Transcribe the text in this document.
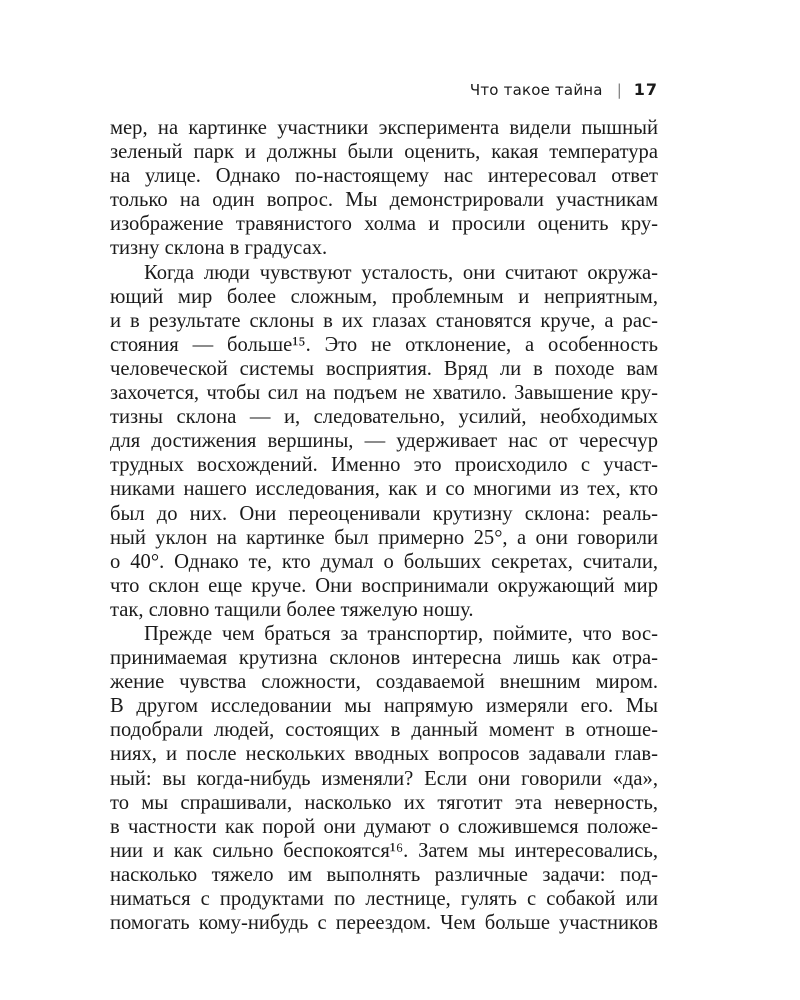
Что такое тайна | 17
мер, на картинке участники эксперимента видели пышный
зеленый парк и должны были оценить, какая температура
на улице. Однако по-настоящему нас интересовал ответ
только на один вопрос. Мы демонстрировали участникам
изображение травянистого холма и просили оценить кру-
тизну склона в градусах.
Когда люди чувствуют усталость, они считают окружа-
ющий мир более сложным, проблемным и неприятным,
и в результате склоны в их глазах становятся круче, а рас-
стояния — больше¹⁵. Это не отклонение, а особенность
человеческой системы восприятия. Вряд ли в походе вам
захочется, чтобы сил на подъем не хватило. Завышение кру-
тизны склона — и, следовательно, усилий, необходимых
для достижения вершины, — удерживает нас от чересчур
трудных восхождений. Именно это происходило с участ-
никами нашего исследования, как и со многими из тех, кто
был до них. Они переоценивали крутизну склона: реаль-
ный уклон на картинке был примерно 25°, а они говорили
о 40°. Однако те, кто думал о больших секретах, считали,
что склон еще круче. Они воспринимали окружающий мир
так, словно тащили более тяжелую ношу.
Прежде чем браться за транспортир, поймите, что вос-
принимаемая крутизна склонов интересна лишь как отра-
жение чувства сложности, создаваемой внешним миром.
В другом исследовании мы напрямую измеряли его. Мы
подобрали людей, состоящих в данный момент в отноше-
ниях, и после нескольких вводных вопросов задавали глав-
ный: вы когда-нибудь изменяли? Если они говорили «да»,
то мы спрашивали, насколько их тяготит эта неверность,
в частности как порой они думают о сложившемся положе-
нии и как сильно беспокоятся¹⁶. Затем мы интересовались,
насколько тяжело им выполнять различные задачи: под-
ниматься с продуктами по лестнице, гулять с собакой или
помогать кому-нибудь с переездом. Чем больше участников
